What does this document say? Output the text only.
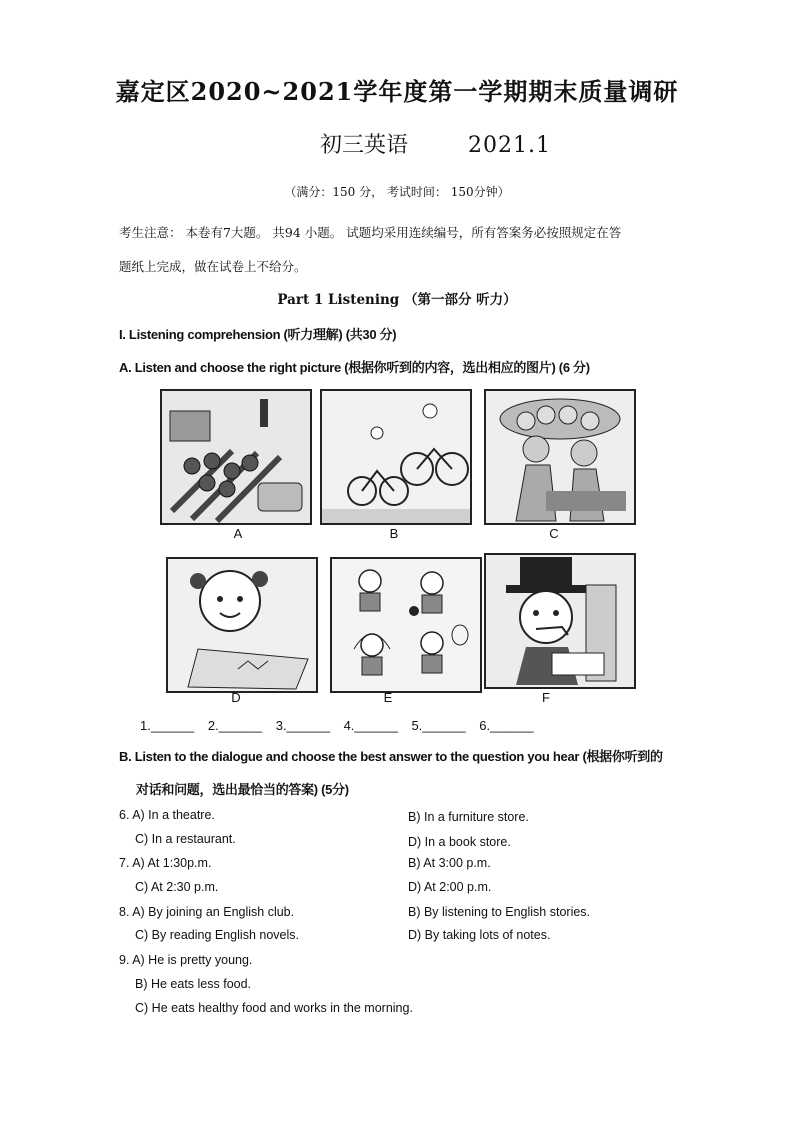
嘉定区2020~2021学年度第一学期期末质量调研
初三英语	2021.1
（满分：150 分， 考试时间： 150分钟）
考生注意： 本卷有7大题。 共94 小题。 试题均采用连续编号，所有答案务必按照规定在答
题纸上完成，做在试卷上不给分。
Part 1 Listening （第一部分 听力）
I. Listening comprehension (听力理解) (共30 分)
A. Listen and choose the right picture (根据你听到的内容，选出相应的图片) (6 分)
A	B	C
D	E	F
1.______ 2.______ 3.______ 4.______ 5.______ 6.______
B. Listen to the dialogue and choose the best answer to the question you hear (根据你听到的
对话和问题，选出最恰当的答案) (5分)
6. A) In a theatre.	B) In a furniture store.
C) In a restaurant.	D) In a book store.
7. A) At 1:30p.m.	B) At 3:00 p.m.
C) At 2:30 p.m.	D) At 2:00 p.m.
8. A) By joining an English club.	B) By listening to English stories.
C) By reading English novels.	D) By taking lots of notes.
9. A) He is pretty young.
B) He eats less food.
C) He eats healthy food and works in the morning.
